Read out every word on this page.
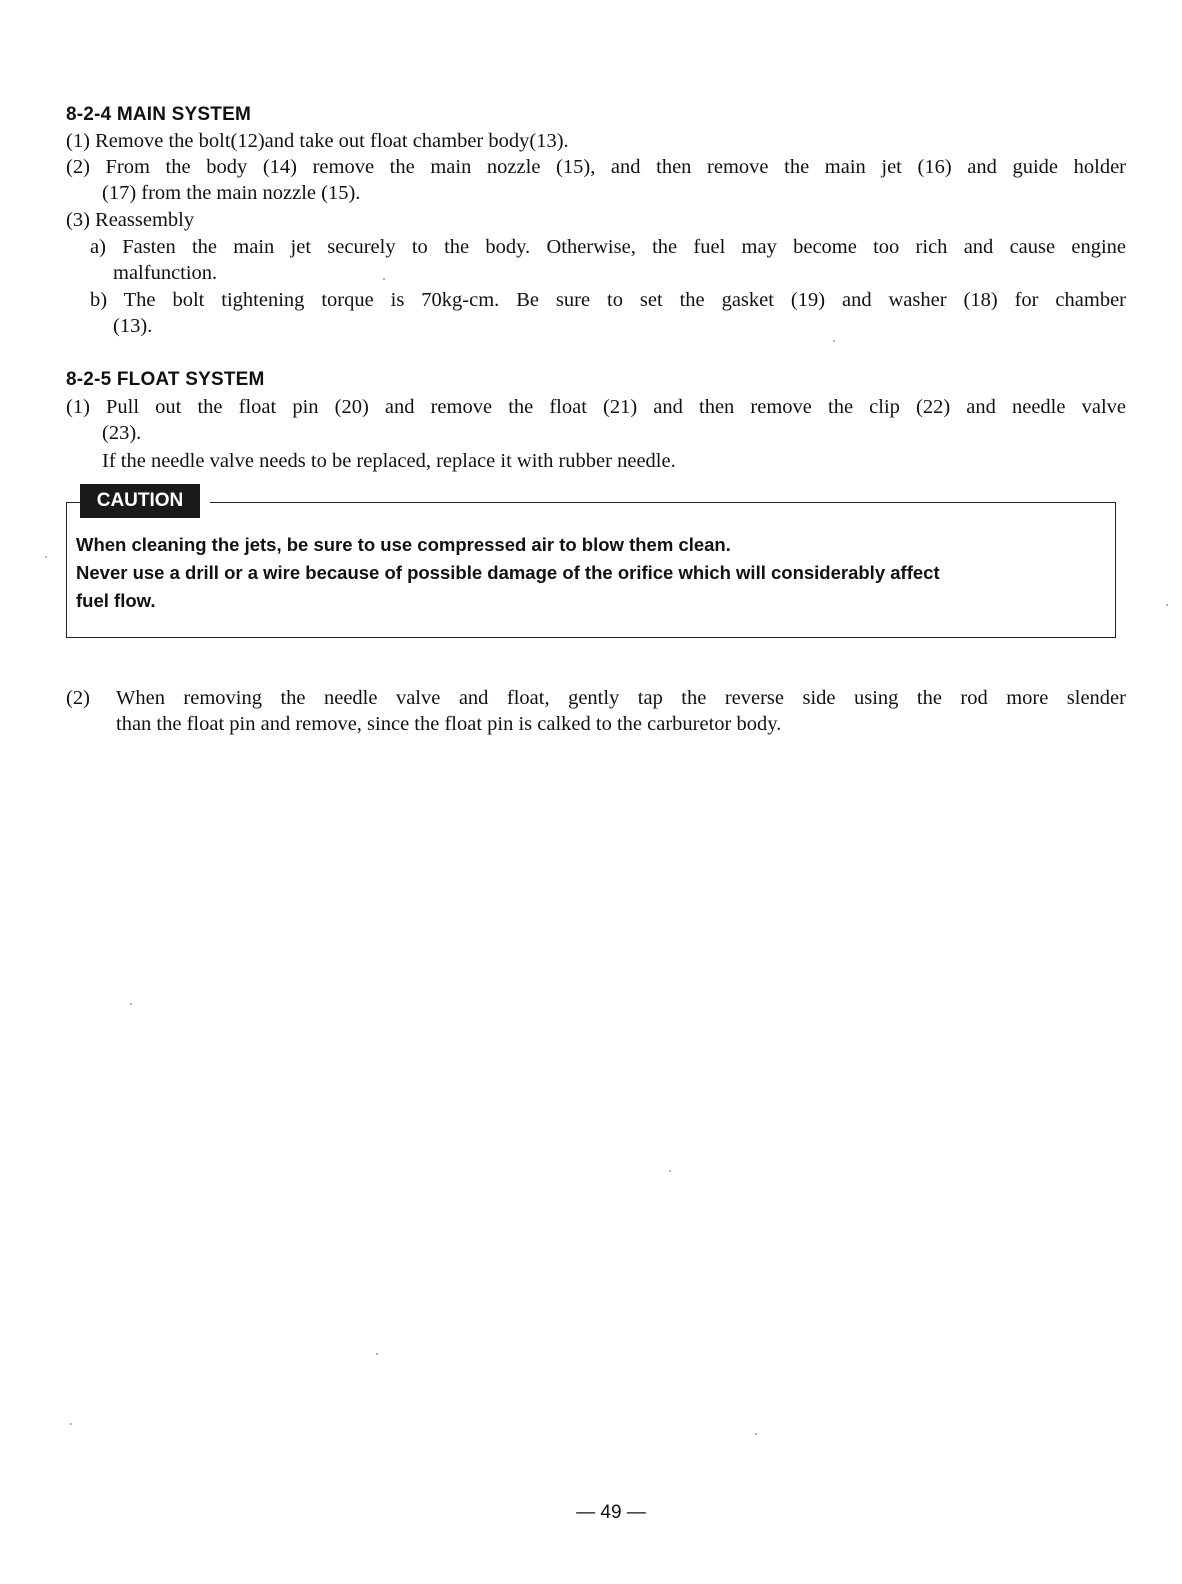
8-2-4 MAIN SYSTEM
(1) Remove the bolt(12)and take out float chamber body(13).
(2) From the body (14) remove the main nozzle (15), and then remove the main jet (16) and guide holder
(17) from the main nozzle (15).
(3) Reassembly
a) Fasten the main jet securely to the body. Otherwise, the fuel may become too rich and cause engine
malfunction.
b) The bolt tightening torque is 70kg-cm. Be sure to set the gasket (19) and washer (18) for chamber
(13).
8-2-5 FLOAT SYSTEM
(1) Pull out the float pin (20) and remove the float (21) and then remove the clip (22) and needle valve
(23).
If the needle valve needs to be replaced, replace it with rubber needle.
CAUTION
When cleaning the jets, be sure to use compressed air to blow them clean.
Never use a drill or a wire because of possible damage of the orifice which will considerably affect
fuel flow.
(2) When removing the needle valve and float, gently tap the reverse side using the rod more slender
than the float pin and remove, since the float pin is calked to the carburetor body.
— 49 —
